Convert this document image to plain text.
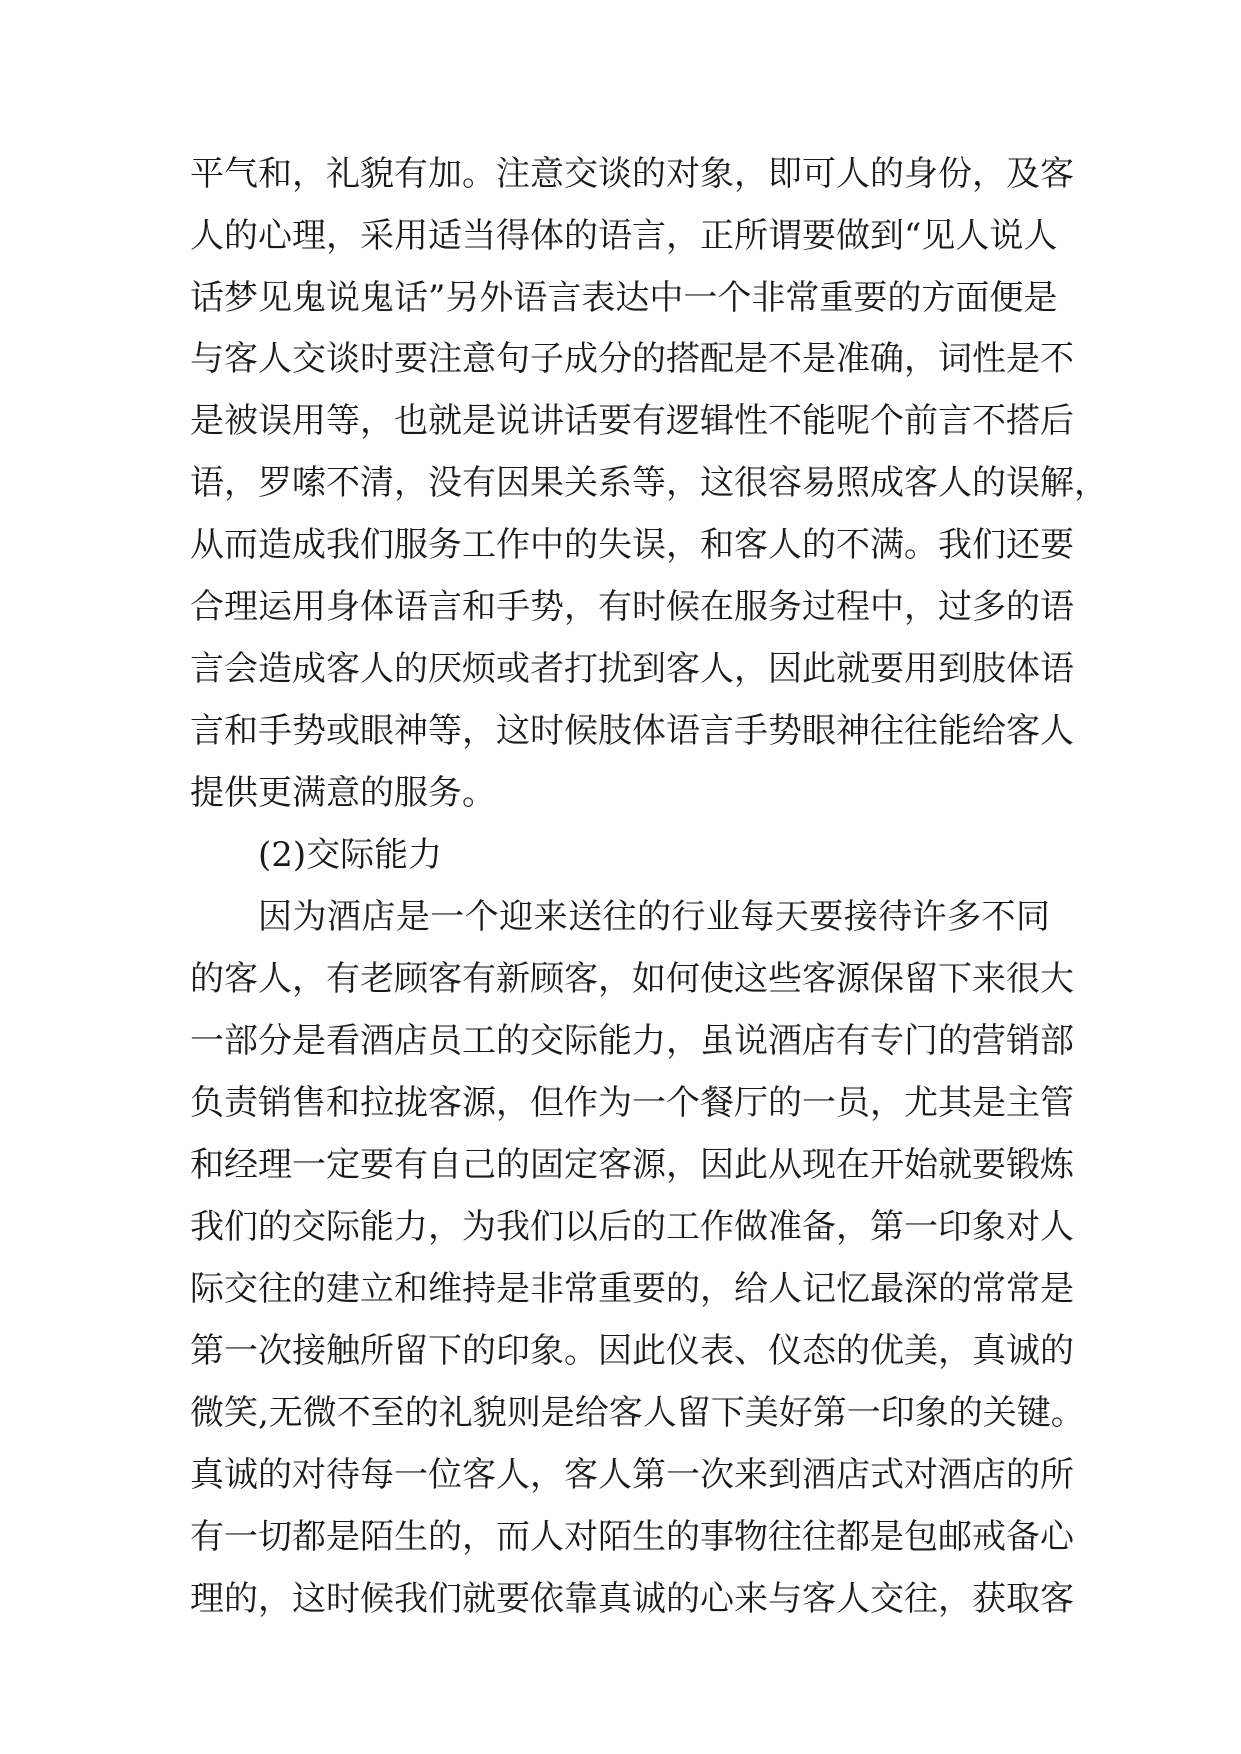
平气和，礼貌有加。注意交谈的对象，即可人的身份，及客
人的心理，采用适当得体的语言，正所谓要做到“见人说人
话梦见鬼说鬼话”另外语言表达中一个非常重要的方面便是
与客人交谈时要注意句子成分的搭配是不是准确，词性是不
是被误用等，也就是说讲话要有逻辑性不能呢个前言不搭后
语，罗嗦不清，没有因果关系等，这很容易照成客人的误解，
从而造成我们服务工作中的失误，和客人的不满。我们还要
合理运用身体语言和手势，有时候在服务过程中，过多的语
言会造成客人的厌烦或者打扰到客人，因此就要用到肢体语
言和手势或眼神等，这时候肢体语言手势眼神往往能给客人
提供更满意的服务。
(2)交际能力
因为酒店是一个迎来送往的行业每天要接待许多不同
的客人，有老顾客有新顾客，如何使这些客源保留下来很大
一部分是看酒店员工的交际能力，虽说酒店有专门的营销部
负责销售和拉拢客源，但作为一个餐厅的一员，尤其是主管
和经理一定要有自己的固定客源，因此从现在开始就要锻炼
我们的交际能力，为我们以后的工作做准备，第一印象对人
际交往的建立和维持是非常重要的，给人记忆最深的常常是
第一次接触所留下的印象。因此仪表、仪态的优美，真诚的
微笑,无微不至的礼貌则是给客人留下美好第一印象的关键。
真诚的对待每一位客人，客人第一次来到酒店式对酒店的所
有一切都是陌生的，而人对陌生的事物往往都是包邮戒备心
理的，这时候我们就要依靠真诚的心来与客人交往，获取客
